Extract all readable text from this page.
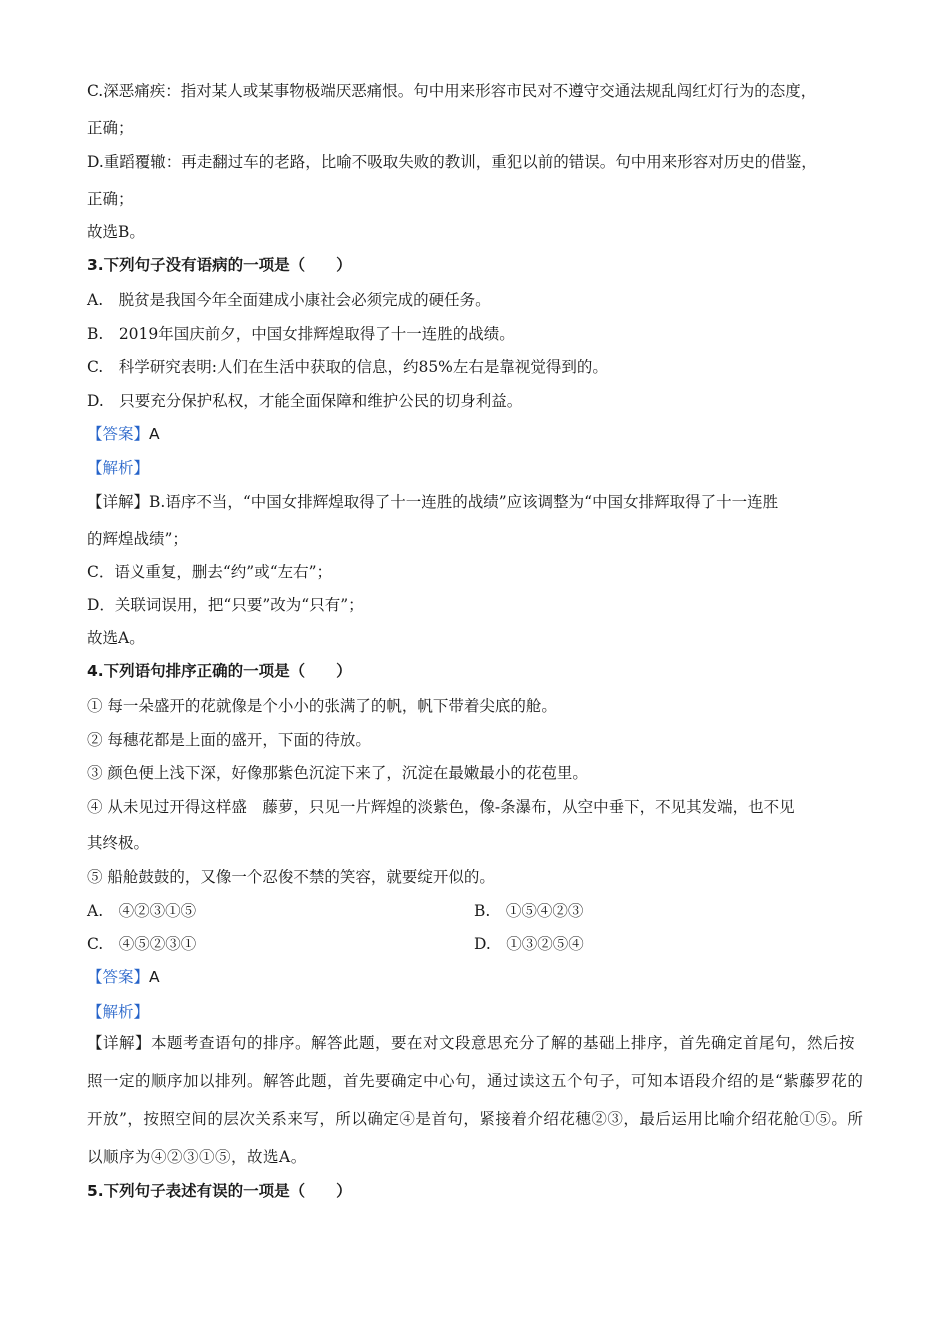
C.深恶痛疾：指对某人或某事物极端厌恶痛恨。句中用来形容市民对不遵守交通法规乱闯红灯行为的态度，
正确；
D.重蹈覆辙：再走翻过车的老路，比喻不吸取失败的教训，重犯以前的错误。句中用来形容对历史的借鉴，
正确；
故选B。
3.下列句子没有语病的一项是（　　）
A.　脱贫是我国今年全面建成小康社会必须完成的硬任务。
B.　2019年国庆前夕，中国女排辉煌取得了十一连胜的战绩。
C.　科学研究表明:人们在生活中获取的信息，约85%左右是靠视觉得到的。
D.　只要充分保护私权，才能全面保障和维护公民的切身利益。
【答案】A
【解析】
【详解】B.语序不当，“中国女排辉煌取得了十一连胜的战绩”应该调整为“中国女排辉取得了十一连胜
的辉煌战绩”；
C．语义重复，删去“约”或“左右”；
D．关联词误用，把“只要”改为“只有”；
故选A。
4.下列语句排序正确的一项是（　　）
① 每一朵盛开的花就像是个小小的张满了的帆，帆下带着尖底的舱。
② 每穗花都是上面的盛开，下面的待放。
③ 颜色便上浅下深，好像那紫色沉淀下来了，沉淀在最嫩最小的花苞里。
④ 从未见过开得这样盛　藤萝，只见一片辉煌的淡紫色，像-条瀑布，从空中垂下，不见其发端，也不见
其终极。
⑤ 船舱鼓鼓的，又像一个忍俊不禁的笑容，就要绽开似的。
A.　④②③①⑤	B.　①⑤④②③
C.　④⑤②③①	D.　①③②⑤④
【答案】A
【解析】
【详解】本题考查语句的排序。解答此题，要在对文段意思充分了解的基础上排序，首先确定首尾句，然后按照一定的顺序加以排列。解答此题，首先要确定中心句，通过读这五个句子，可知本语段介绍的是“紫藤罗花的开放”，按照空间的层次关系来写，所以确定④是首句，紧接着介绍花穗②③，最后运用比喻介绍花舱①⑤。所以顺序为④②③①⑤，故选A。
5.下列句子表述有误的一项是（　　）
